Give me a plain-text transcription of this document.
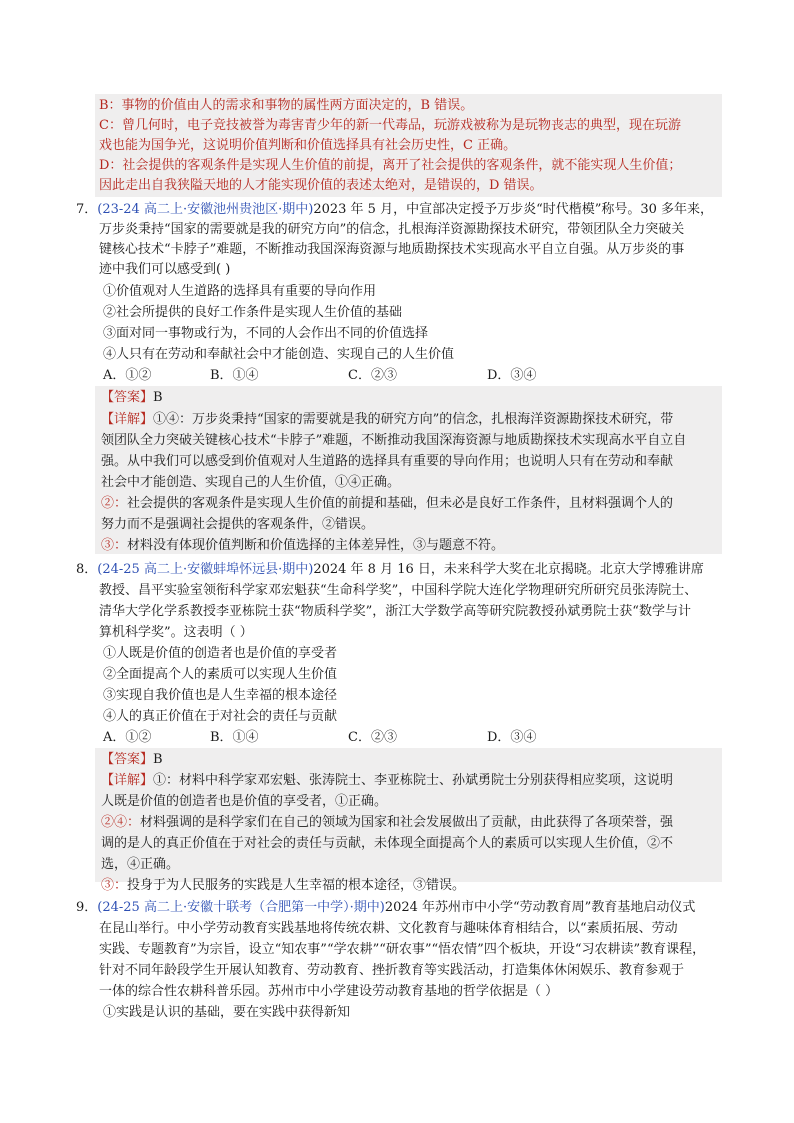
B：事物的价值由人的需求和事物的属性两方面决定的，B 错误。
C：曾几何时，电子竞技被誉为毒害青少年的新一代毒品，玩游戏被称为是玩物丧志的典型，现在玩游
戏也能为国争光，这说明价值判断和价值选择具有社会历史性，C 正确。
D：社会提供的客观条件是实现人生价值的前提，离开了社会提供的客观条件，就不能实现人生价值；
因此走出自我狭隘天地的人才能实现价值的表述太绝对，是错误的，D 错误。
7．(23-24 高二上·安徽池州贵池区·期中)2023 年 5 月，中宣部决定授予万步炎“时代楷模”称号。30 多年来，
万步炎秉持“国家的需要就是我的研究方向”的信念，扎根海洋资源勘探技术研究，带领团队全力突破关
键核心技术“卡脖子”难题，不断推动我国深海资源与地质勘探技术实现高水平自立自强。从万步炎的事
迹中我们可以感受到( )
①价值观对人生道路的选择具有重要的导向作用
②社会所提供的良好工作条件是实现人生价值的基础
③面对同一事物或行为，不同的人会作出不同的价值选择
④人只有在劳动和奉献社会中才能创造、实现自己的人生价值
A．①②	B．①④	C．②③	D．③④
【答案】B
【详解】①④：万步炎秉持“国家的需要就是我的研究方向”的信念，扎根海洋资源勘探技术研究，带
领团队全力突破关键核心技术“卡脖子”难题，不断推动我国深海资源与地质勘探技术实现高水平自立自
强。从中我们可以感受到价值观对人生道路的选择具有重要的导向作用；也说明人只有在劳动和奉献
社会中才能创造、实现自己的人生价值，①④正确。
②：社会提供的客观条件是实现人生价值的前提和基础，但未必是良好工作条件，且材料强调个人的
努力而不是强调社会提供的客观条件，②错误。
③：材料没有体现价值判断和价值选择的主体差异性，③与题意不符。
8．(24-25 高二上·安徽蚌埠怀远县·期中)2024 年 8 月 16 日，未来科学大奖在北京揭晓。北京大学博雅讲席
教授、昌平实验室领衔科学家邓宏魁获“生命科学奖”，中国科学院大连化学物理研究所研究员张涛院士、
清华大学化学系教授李亚栋院士获“物质科学奖”，浙江大学数学高等研究院教授孙斌勇院士获“数学与计
算机科学奖”。这表明（ ）
①人既是价值的创造者也是价值的享受者
②全面提高个人的素质可以实现人生价值
③实现自我价值也是人生幸福的根本途径
④人的真正价值在于对社会的责任与贡献
A．①②	B．①④	C．②③	D．③④
【答案】B
【详解】①：材料中科学家邓宏魁、张涛院士、李亚栋院士、孙斌勇院士分别获得相应奖项，这说明
人既是价值的创造者也是价值的享受者，①正确。
②④：材料强调的是科学家们在自己的领域为国家和社会发展做出了贡献，由此获得了各项荣誉，强
调的是人的真正价值在于对社会的责任与贡献，未体现全面提高个人的素质可以实现人生价值，②不
选，④正确。
③：投身于为人民服务的实践是人生幸福的根本途径，③错误。
9．(24-25 高二上·安徽十联考（合肥第一中学）·期中)2024 年苏州市中小学“劳动教育周”教育基地启动仪式
在昆山举行。中小学劳动教育实践基地将传统农耕、文化教育与趣味体育相结合，以“素质拓展、劳动
实践、专题教育”为宗旨，设立“知农事”“学农耕”“研农事”“悟农情”四个板块，开设“习农耕读”教育课程，
针对不同年龄段学生开展认知教育、劳动教育、挫折教育等实践活动，打造集体休闲娱乐、教育参观于
一体的综合性农耕科普乐园。苏州市中小学建设劳动教育基地的哲学依据是（ ）
①实践是认识的基础，要在实践中获得新知
